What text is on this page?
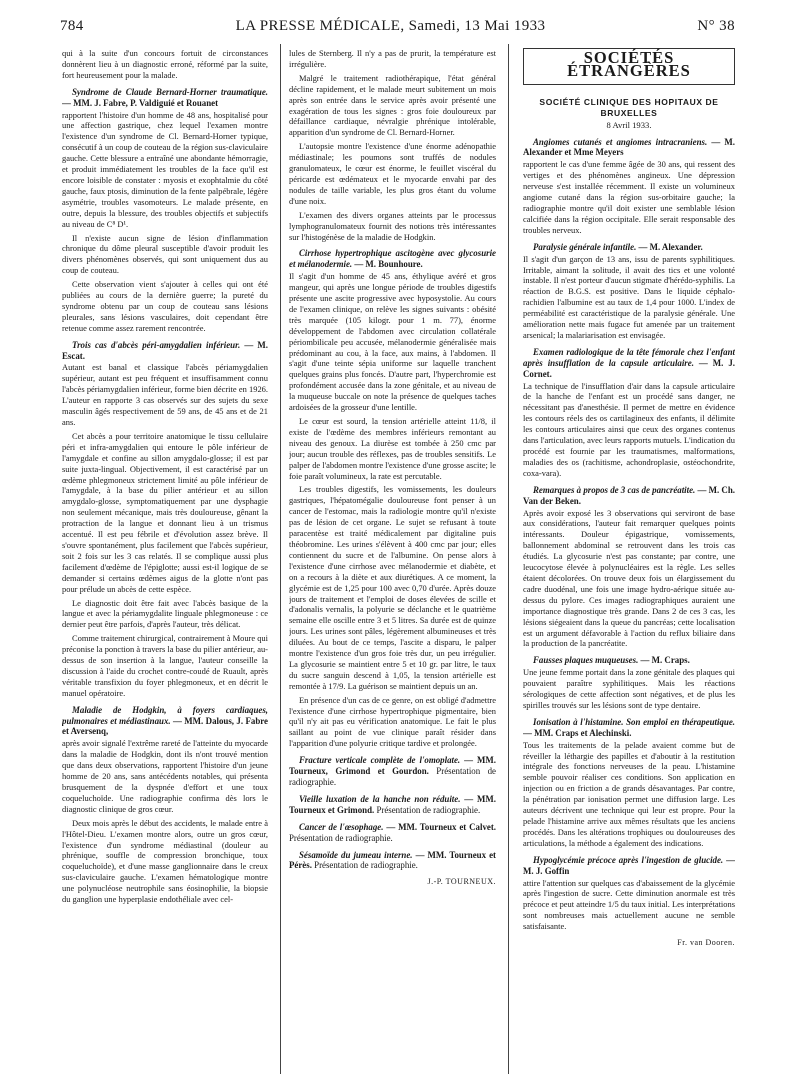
784	LA PRESSE MÉDICALE, Samedi, 13 Mai 1933	N° 38

qui à la suite d'un concours fortuit de circonstances donnèrent lieu à un diagnostic erroné, réformé par la suite, fort heureusement pour la malade.

Syndrome de Claude Bernard-Horner traumatique. — MM. J. Fabre, P. Valdiguié et Rouanet

rapportent l'histoire d'un homme de 48 ans, hospitalisé pour une affection gastrique, chez lequel l'examen montre l'existence d'un syndrome de Cl. Bernard-Horner typique, consécutif à un coup de couteau de la région sus-claviculaire gauche. Cette blessure a entraîné une abondante hémorragie, et produit immédiatement les troubles de la face qu'il est encore loisible de constater : myosis et exophtalmie du côté gauche, faux ptosis, diminution de la fente palpébrale, légère asymétrie, troubles vasomoteurs. Le malade présente, en outre, depuis la blessure, des troubles objectifs et subjectifs au niveau de C⁸ D¹.

Il n'existe aucun signe de lésion d'inflammation chronique du dôme pleural susceptible d'avoir produit les divers phénomènes observés, qui sont uniquement dus au coup de couteau.

Cette observation vient s'ajouter à celles qui ont été publiées au cours de la dernière guerre; la pureté du syndrome obtenu par un coup de couteau sans lésions pleurales, sans lésions vasculaires, doit cependant être retenue comme assez rarement rencontrée.

Trois cas d'abcès péri-amygdalien inférieur. — M. Escat.

Autant est banal et classique l'abcès périamygdalien supérieur, autant est peu fréquent et insuffisamment connu l'abcès périamygdalien inférieur, forme bien décrite en 1926. L'auteur en rapporte 3 cas observés sur des sujets du sexe masculin âgés respectivement de 59 ans, de 45 ans et de 21 ans.

Cet abcès a pour territoire anatomique le tissu cellulaire péri et infra-amygdalien qui entoure le pôle inférieur de l'amygdale et confine au sillon amygdalo-glosse; il est par suite juxta-lingual. Objectivement, il est caractérisé par un œdème phlegmoneux strictement limité au pôle inférieur de l'amygdale, à la base du pilier antérieur et au sillon amygdalo-glosse, symptomatiquement par une dysphagie non seulement mécanique, mais très douloureuse, gênant la protraction de la langue et donnant lieu à un trismus accentué. Il est peu fébrile et d'évolution assez brève. Il s'ouvre spontanément, plus facilement que l'abcès supérieur, soit 2 fois sur les 3 cas relatés. Il se complique aussi plus facilement d'œdème de l'épiglotte; aussi est-il logique de se demander si certains œdèmes aigus de la glotte n'ont pas pour prélude un abcès de cette espèce.

Le diagnostic doit être fait avec l'abcès basique de la langue et avec la périamygdalite linguale phlegmoneuse : ce dernier peut être parfois, d'après l'auteur, très délicat.

Comme traitement chirurgical, contrairement à Moure qui préconise la ponction à travers la base du pilier antérieur, au-dessus de son insertion à la langue, l'auteur conseille la discussion à l'aide du crochet contre-coudé de Ruault, après véritable transfixion du foyer phlegmoneux, et en décrit le manuel opératoire.

Maladie de Hodgkin, à foyers cardiaques, pulmonaires et médiastinaux. — MM. Dalous, J. Fabre et Aversenq,

après avoir signalé l'extrême rareté de l'atteinte du myocarde dans la maladie de Hodgkin, dont ils n'ont trouvé mention que dans deux observations, rapportent l'histoire d'un jeune homme de 20 ans, sans antécédents notables, qui présenta brusquement de la dyspnée d'effort et une toux coqueluchoïde. Une radiographie confirma dès lors le diagnostic clinique de gros cœur.

Deux mois après le début des accidents, le malade entre à l'Hôtel-Dieu. L'examen montre alors, outre un gros cœur, l'existence d'un syndrome médiastinal (douleur au phrénique, souffle de compression bronchique, toux coqueluchoïde), et d'une masse ganglionnaire dans le creux sus-claviculaire gauche. L'examen hématologique montre une polynucléose neutrophile sans éosinophilie, la biopsie du ganglion une hyperplasie endothéliale avec cel-

lules de Sternberg. Il n'y a pas de prurit, la température est irrégulière.

Malgré le traitement radiothérapique, l'état général décline rapidement, et le malade meurt subitement un mois après son entrée dans le service après avoir présenté une exagération de tous les signes : gros foie douloureux par défaillance cardiaque, névralgie phrénique intolérable, apparition d'un syndrome de Cl. Bernard-Horner.

L'autopsie montre l'existence d'une énorme adénopathie médiastinale; les poumons sont truffés de nodules granulomateux, le cœur est énorme, le feuillet viscéral du péricarde est œdémateux et le myocarde envahi par des nodules de taille variable, les plus gros étant du volume d'une noix.

L'examen des divers organes atteints par le processus lymphogranulomateux fournit des notions très intéressantes sur l'histogénèse de la maladie de Hodgkin.

Cirrhose hypertrophique ascitogène avec glycosurie et mélanodermie. — M. Bounhoure.

Il s'agit d'un homme de 45 ans, éthylique avéré et gros mangeur, qui après une longue période de troubles digestifs présente une ascite progressive avec hyposystolie. Au cours de l'examen clinique, on relève les signes suivants : obésité très marquée (105 kilogr. pour 1 m. 77), énorme développement de l'abdomen avec circulation collatérale périombilicale peu accusée, mélanodermie généralisée mais prédominant au cou, à la face, aux mains, à l'abdomen. Il s'agit d'une teinte sépia uniforme sur laquelle tranchent quelques grains plus foncés. D'autre part, l'hyperchromie est profondément accusée dans la zone génitale, et au niveau de la muqueuse buccale on note la présence de quelques taches ardoisées de la grosseur d'une lentille.

Le cœur est sourd, la tension artérielle atteint 11/8, il existe de l'œdème des membres inférieurs remontant au niveau des genoux. La diurèse est tombée à 250 cmc par jour; aucun trouble des réflexes, pas de troubles sensitifs. Le palper de l'abdomen montre l'existence d'une grosse ascite; le foie paraît volumineux, la rate est percutable.

Les troubles digestifs, les vomissements, les douleurs gastriques, l'hépatomégalie douloureuse font penser à un cancer de l'estomac, mais la radiologie montre qu'il n'existe pas de lésion de cet organe. Le sujet se refusant à toute paracentèse est traité médicalement par digitaline puis théobromine. Les urines s'élèvent à 400 cmc par jour; elles contiennent du sucre et de l'albumine. On pense alors à l'existence d'une cirrhose avec mélanodermie et diabète, et on a recours à la diète et aux diurétiques. A ce moment, la glycémie est de 1,25 pour 100 avec 0,70 d'urée. Après douze jours de traitement et l'emploi de doses élevées de scille et d'adonalis vernalis, la polyurie se déclanche et le quatrième semaine elle oscille entre 3 et 5 litres. Sa durée est de quinze jours. Les urines sont pâles, légèrement albumineuses et très diluées. Au bout de ce temps, l'ascite a disparu, le palper montre l'existence d'un gros foie très dur, un peu irrégulier. La glycosurie se maintient entre 5 et 10 gr. par litre, le taux du sucre sanguin descend à 1,05, la tension artérielle est remontée à 17/9. La guérison se maintient depuis un an.

En présence d'un cas de ce genre, on est obligé d'admettre l'existence d'une cirrhose hypertrophique pigmentaire, bien qu'il n'y ait pas eu vérification anatomique. Le fait le plus saillant au point de vue clinique paraît résider dans l'apparition d'une polyurie critique tardive et prolongée.

Fracture verticale complète de l'omoplate. — MM. Tourneux, Grimond et Gourdon. Présentation de radiographie.
Vieille luxation de la hanche non réduite. — MM. Tourneux et Grimond. Présentation de radiographie.
Cancer de l'œsophage. — MM. Tourneux et Calvet. Présentation de radiographie.
Sésamoïde du jumeau interne. — MM. Tourneux et Pérès. Présentation de radiographie.
J.-P. TOURNEUX.
SOCIÉTÉS ÉTRANGÈRES
SOCIÉTÉ CLINIQUE DES HOPITAUX DE BRUXELLES
8 Avril 1933.
Angiomes cutanés et angiomes intracraniens. — M. Alexander et Mme Meyers

rapportent le cas d'une femme âgée de 30 ans, qui ressent des vertiges et des phénomènes angineux. Une dépression nerveuse s'est installée récemment. Il existe un volumineux angiome cutané dans la région sus-orbitaire gauche; la radiographie montre qu'il doit exister une semblable lésion calcifiée dans la région occipitale. Elle serait responsable des troubles nerveux.

Paralysie générale infantile. — M. Alexander.

Il s'agit d'un garçon de 13 ans, issu de parents syphilitiques. Irritable, aimant la solitude, il avait des tics et une volonté instable. Il n'est porteur d'aucun stigmate d'hérédo-syphilis. La réaction de B.G.S. est positive. Dans le liquide céphalo-rachidien l'albumine est au taux de 1,4 pour 1000. L'index de perméabilité est caractéristique de la paralysie générale. Une amélioration nette mais fugace fut amenée par un traitement arsenical; la malariarisation est envisagée.

Examen radiologique de la tête fémorale chez l'enfant après insufflation de la capsule articulaire. — M. J. Cornet.

La technique de l'insufflation d'air dans la capsule articulaire de la hanche de l'enfant est un procédé sans danger, ne nécessitant pas d'anesthésie. Il permet de mettre en évidence les contours réels des os cartilagineux des enfants, il délimite les contours articulaires ainsi que ceux des organes contenus dans l'articulation, avec leurs rapports mutuels. L'indication du procédé est fournie par les traumatismes, malformations, maladies des os (rachitisme, achondroplasie, ostéochondrite, coxa-vara).

Remarques à propos de 3 cas de pancréatite. — M. Ch. Van der Beken.

Après avoir exposé les 3 observations qui serviront de base aux considérations, l'auteur fait remarquer quelques points intéressants. Douleur épigastrique, vomissements, ballonnement abdominal se retrouvent dans les trois cas étudiés. La glycosurie n'est pas constante; par contre, une leucocytose élevée à polynucléaires est la règle. Les selles étaient décolorées. On trouve deux fois un élargissement du cadre duodénal, une fois une image hydro-aérique située au-dessus du pylore. Ces images radiographiques auraient une importance diagnostique très grande. Dans 2 de ces 3 cas, les lésions siégeaient dans la queue du pancréas; cette localisation est un argument défavorable à l'action du reflux biliaire dans la production de la pancréatite.

Fausses plaques muqueuses. — M. Craps.

Une jeune femme portait dans la zone génitale des plaques qui pouvaient paraître syphilitiques. Mais les réactions sérologiques de cette affection sont négatives, et de plus les spirilles trouvés sur les lésions sont de type dentaire.

Ionisation à l'histamine. Son emploi en thérapeutique. — MM. Craps et Alechinski.

Tous les traitements de la pelade avaient comme but de réveiller la léthargie des papilles et d'aboutir à la restitution intégrale des fonctions nerveuses de la peau. L'histamine semble pouvoir réaliser ces conditions. Son application en injection ou en friction a de grands désavantages. Par contre, la pénétration par ionisation permet une diffusion large. Les auteurs décrivent une technique qui leur est propre. Pour la pelade l'histamine arrive aux mêmes résultats que les anciens procédés. Dans les altérations trophiques ou douloureuses des articulations, la méthode a également des indications.

Hypoglycémie précoce après l'ingestion de glucide. — M. J. Goffin

attire l'attention sur quelques cas d'abaissement de la glycémie après l'ingestion de sucre. Cette diminution anormale est très précoce et peut atteindre 1/5 du taux initial. Les interprétations sont nombreuses mais actuellement aucune ne semble satisfaisante.

Fr. van Dooren.
